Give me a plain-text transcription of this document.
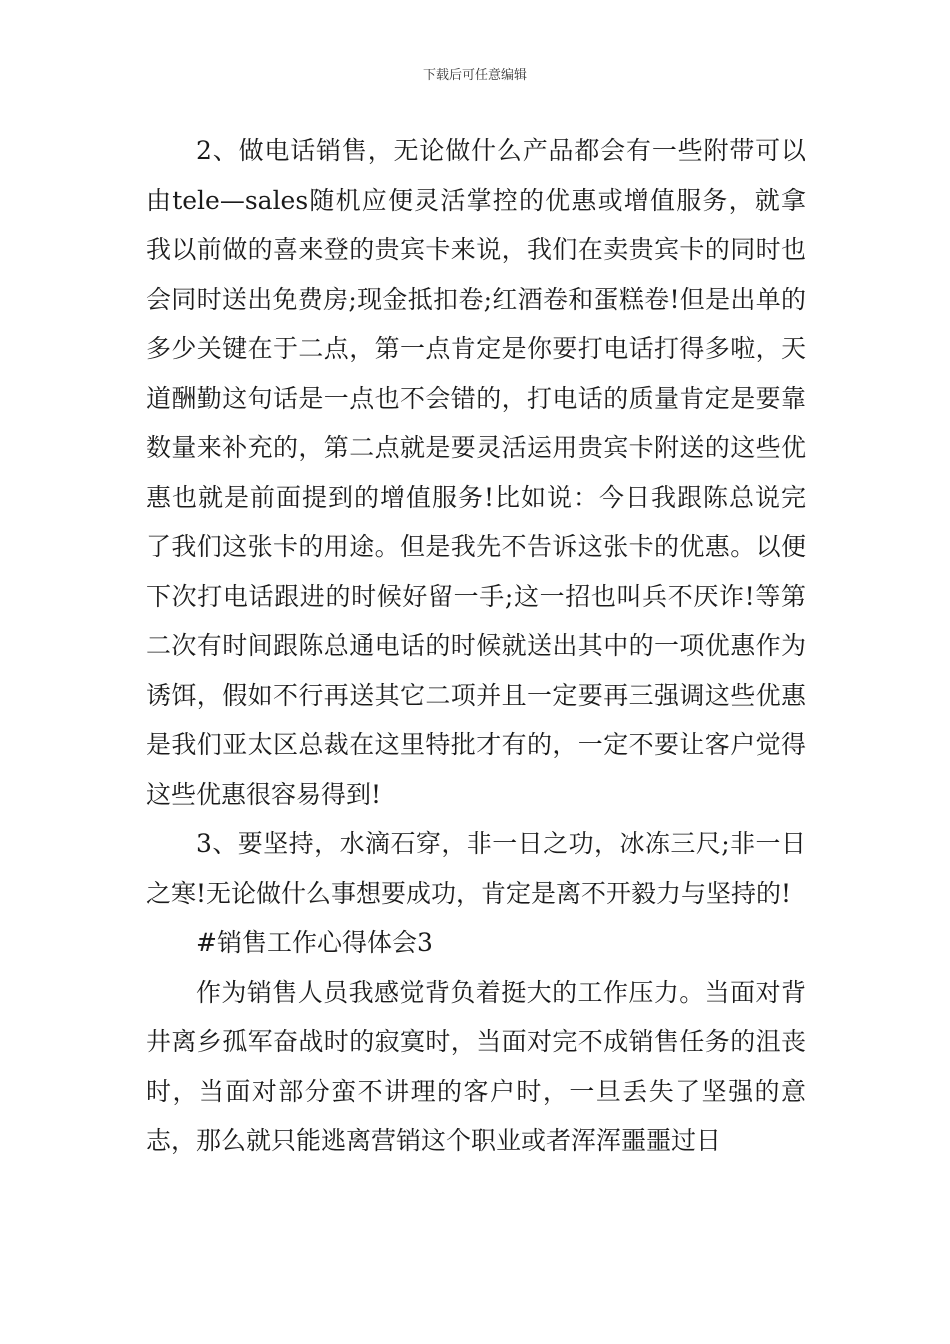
下载后可任意编辑

2、做电话销售，无论做什么产品都会有一些附带可以由tele—sales随机应便灵活掌控的优惠或增值服务，就拿我以前做的喜来登的贵宾卡来说，我们在卖贵宾卡的同时也会同时送出免费房;现金抵扣卷;红酒卷和蛋糕卷!但是出单的多少关键在于二点，第一点肯定是你要打电话打得多啦，天道酬勤这句话是一点也不会错的，打电话的质量肯定是要靠数量来补充的，第二点就是要灵活运用贵宾卡附送的这些优惠也就是前面提到的增值服务!比如说：今日我跟陈总说完了我们这张卡的用途。但是我先不告诉这张卡的优惠。以便下次打电话跟进的时候好留一手;这一招也叫兵不厌诈!等第二次有时间跟陈总通电话的时候就送出其中的一项优惠作为诱饵，假如不行再送其它二项并且一定要再三强调这些优惠是我们亚太区总裁在这里特批才有的，一定不要让客户觉得这些优惠很容易得到!

3、要坚持，水滴石穿，非一日之功，冰冻三尺;非一日之寒!无论做什么事想要成功，肯定是离不开毅力与坚持的!

#销售工作心得体会3

作为销售人员我感觉背负着挺大的工作压力。当面对背井离乡孤军奋战时的寂寞时，当面对完不成销售任务的沮丧时，当面对部分蛮不讲理的客户时，一旦丢失了坚强的意志，那么就只能逃离营销这个职业或者浑浑噩噩过日
